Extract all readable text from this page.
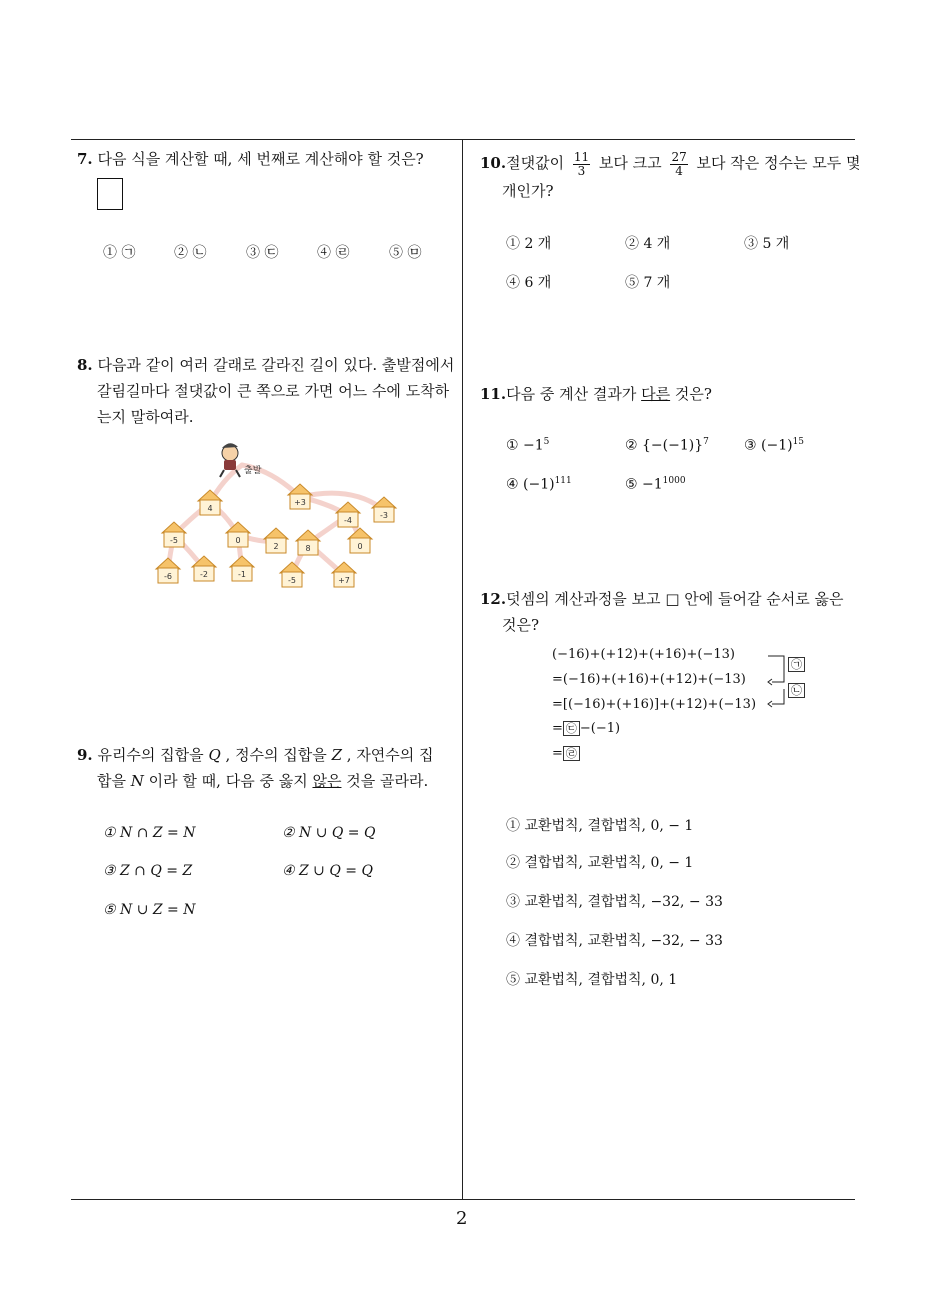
7. 다음 식을 계산할 때, 세 번째로 계산해야 할 것은?
① ㉠	② ㉡	③ ㉢	④ ㉣	⑤ ㉤
8. 다음과 같이 여러 갈래로 갈라진 길이 있다. 출발점에서
갈림길마다 절댓값이 큰 쪽으로 가면 어느 수에 도착하
는지 말하여라.
출발
4
+3
-4
-3
-5	0
2	8	0
-6	-2	-1
-5	+7
9. 유리수의 집합을 Q , 정수의 집합을 Z , 자연수의 집
합을 N 이라 할 때, 다음 중 옳지 않은 것을 골라라.
① N ∩ Z = N	② N ∪ Q = Q
③ Z ∩ Q = Z	④ Z ∪ Q = Q
⑤ N ∪ Z = N
10.절댓값이 $\frac{11}{3}$ 보다 크고 $\frac{27}{4}$ 보다 작은 정수는 모두 몇
개인가?
① 2 개	② 4 개	③ 5 개
④ 6 개	⑤ 7 개
11.다음 중 계산 결과가 다른 것은?
① $-1^5$	② $\{-(-1)\}^7$	③ $(-1)^{15}$
④ $(-1)^{111}$	⑤ $-1^{1000}$
12.덧셈의 계산과정을 보고 □ 안에 들어갈 순서로 옳은
것은?
(−16)+(+12)+(+16)+(−13)
=(−16)+(+16)+(+12)+(−13)
=[(−16)+(+16)]+(+12)+(−13)
= ㉢ −(−1)
= ㉣
㉠
㉡
① 교환법칙, 결합법칙, 0, − 1
② 결합법칙, 교환법칙, 0, − 1
③ 교환법칙, 결합법칙, −32, − 33
④ 결합법칙, 교환법칙, −32, − 33
⑤ 교환법칙, 결합법칙, 0, 1
2
